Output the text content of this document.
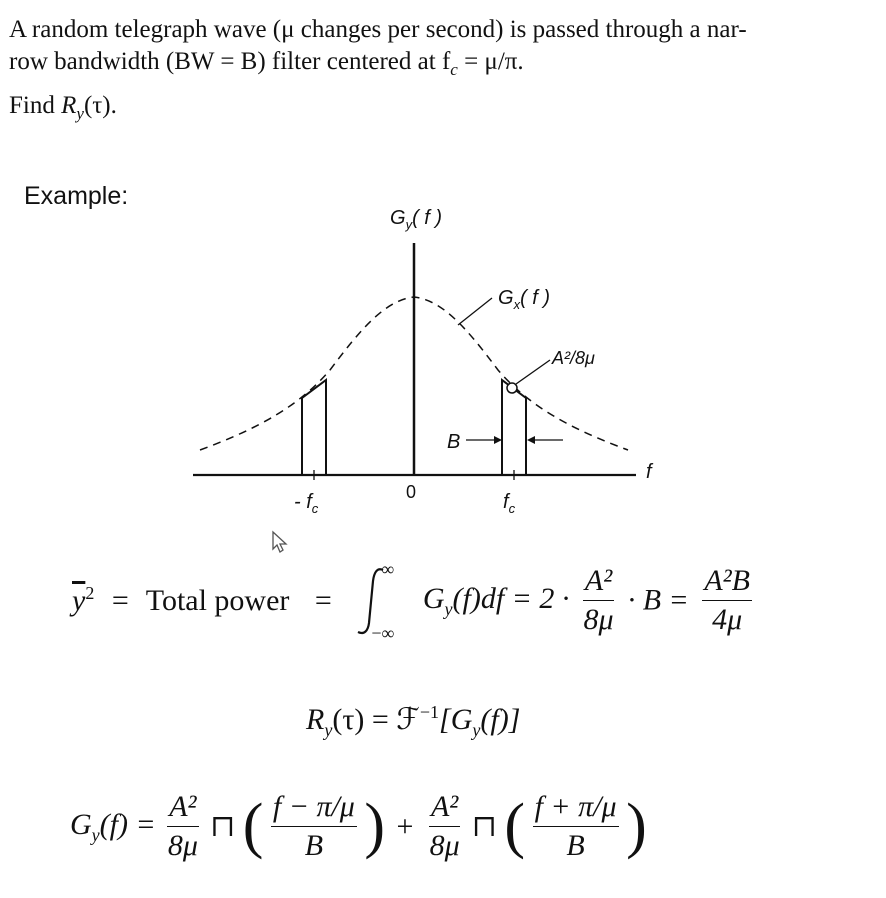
A random telegraph wave (μ changes per second) is passed through a nar-
row bandwidth (BW = B) filter centered at $f_c = \mu/\pi$.
Find $R_y(\tau)$.
Example:
$G_y$( f )
$G_x$( f )
A²/8μ
B
- $f_c$
0	$f_c$
f
$\overline{y}^2$ = Total power =
∞
−∞
$G_y(f)df = 2 \cdot \frac{\text{A²}}{8\mu} \cdot B = \frac{\text{A²B}}{4\mu}$
$R_y(\tau)$ = $ℱ^{-1}[G_y(f)]$
$G_y(f) = \frac{\text{A²}}{8\mu}$ ⊓ ( $\frac{f - \pi/\mu}{B}$ ) + $\frac{\text{A²}}{8\mu}$ ⊓ ( $\frac{f + \pi/\mu}{B}$ )
